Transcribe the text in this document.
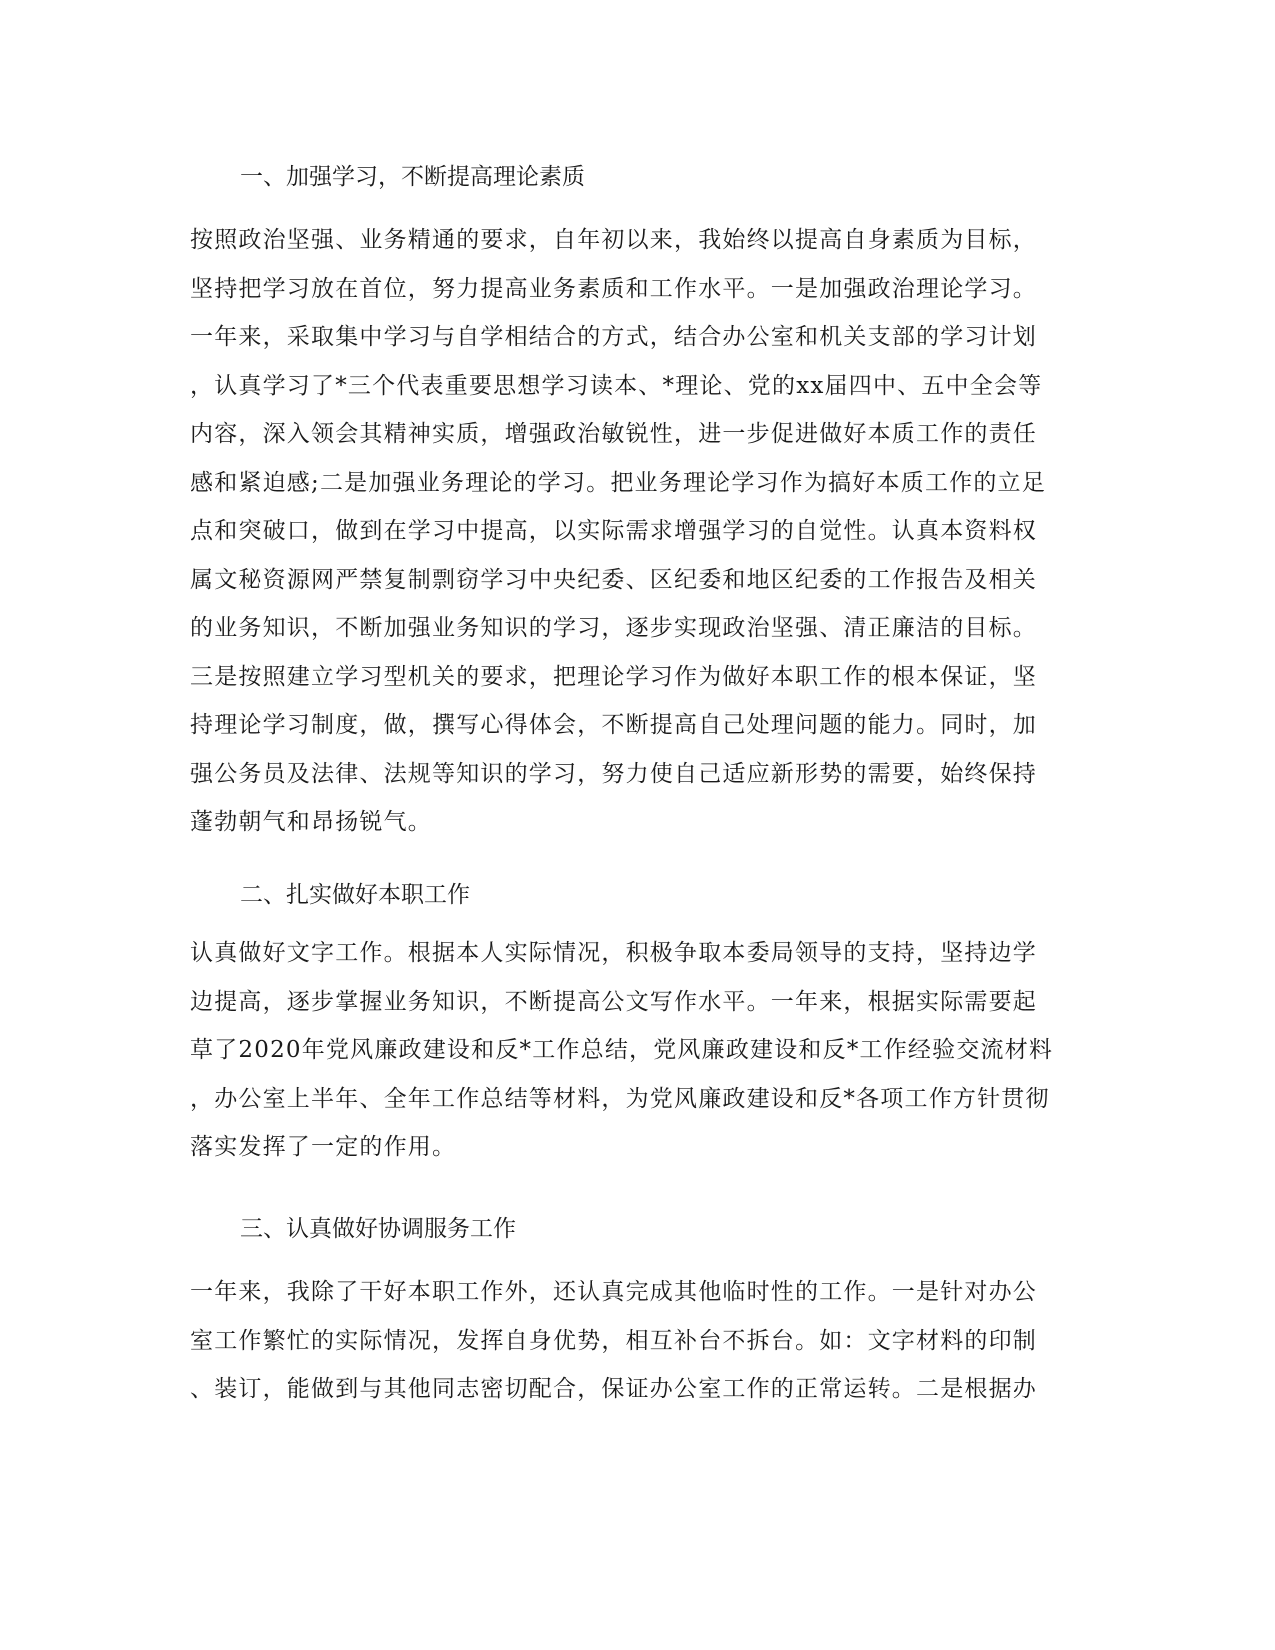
一、加强学习，不断提高理论素质
按照政治坚强、业务精通的要求，自年初以来，我始终以提高自身素质为目标，
坚持把学习放在首位，努力提高业务素质和工作水平。一是加强政治理论学习。
一年来，采取集中学习与自学相结合的方式，结合办公室和机关支部的学习计划
，认真学习了*三个代表重要思想学习读本、*理论、党的xx届四中、五中全会等
内容，深入领会其精神实质，增强政治敏锐性，进一步促进做好本质工作的责任
感和紧迫感;二是加强业务理论的学习。把业务理论学习作为搞好本质工作的立足
点和突破口，做到在学习中提高，以实际需求增强学习的自觉性。认真本资料权
属文秘资源网严禁复制剽窃学习中央纪委、区纪委和地区纪委的工作报告及相关
的业务知识，不断加强业务知识的学习，逐步实现政治坚强、清正廉洁的目标。
三是按照建立学习型机关的要求，把理论学习作为做好本职工作的根本保证，坚
持理论学习制度，做，撰写心得体会，不断提高自己处理问题的能力。同时，加
强公务员及法律、法规等知识的学习，努力使自己适应新形势的需要，始终保持
蓬勃朝气和昂扬锐气。
二、扎实做好本职工作
认真做好文字工作。根据本人实际情况，积极争取本委局领导的支持，坚持边学
边提高，逐步掌握业务知识，不断提高公文写作水平。一年来，根据实际需要起
草了2020年党风廉政建设和反*工作总结，党风廉政建设和反*工作经验交流材料
，办公室上半年、全年工作总结等材料，为党风廉政建设和反*各项工作方针贯彻
落实发挥了一定的作用。
三、认真做好协调服务工作
一年来，我除了干好本职工作外，还认真完成其他临时性的工作。一是针对办公
室工作繁忙的实际情况，发挥自身优势，相互补台不拆台。如：文字材料的印制
、装订，能做到与其他同志密切配合，保证办公室工作的正常运转。二是根据办
